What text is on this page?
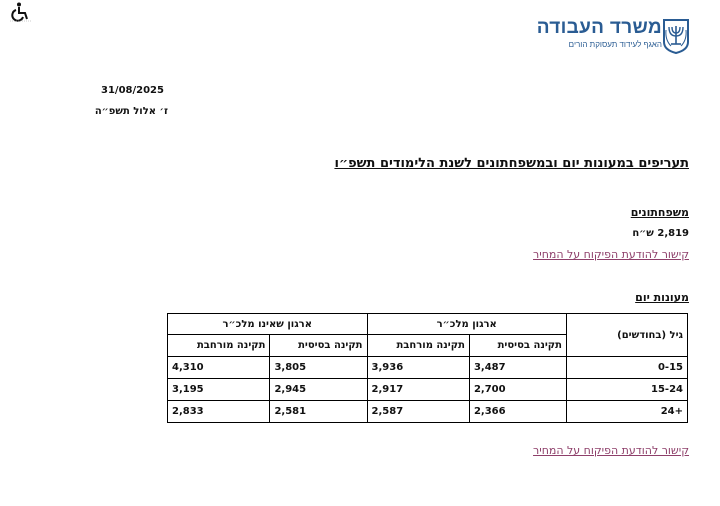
משרד העבודה
האגף לעידוד תעסוקת הורים
31/08/2025
ז׳ אלול תשפ״ה
תעריפים במעונות יום ובמשפחתונים לשנת הלימודים תשפ״ו
משפחתונים
2,819 ש״ח
קישור להודעת הפיקוח על המחיר
מעונות יום
גיל (בחודשים)	ארגון מלכ״ר		ארגון שאינו מלכ״ר	
	תקינה בסיסית	תקינה מורחבת	תקינה בסיסית	תקינה מורחבת
0-15	3,487	3,936	3,805	4,310
15-24	2,700	2,917	2,945	3,195
24+	2,366	2,587	2,581	2,833
קישור להודעת הפיקוח על המחיר
